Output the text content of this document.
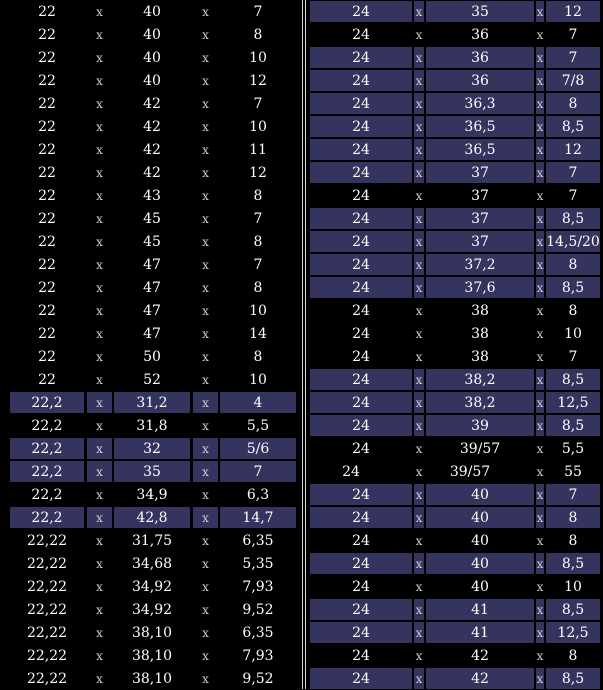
22	x	40	x	7
22	x	40	x	8
22	x	40	x	10
22	x	40	x	12
22	x	42	x	7
22	x	42	x	10
22	x	42	x	11
22	x	42	x	12
22	x	43	x	8
22	x	45	x	7
22	x	45	x	8
22	x	47	x	7
22	x	47	x	8
22	x	47	x	10
22	x	47	x	14
22	x	50	x	8
22	x	52	x	10
22,2	x	31,2	x	4
22,2	x	31,8	x	5,5
22,2	x	32	x	5/6
22,2	x	35	x	7
22,2	x	34,9	x	6,3
22,2	x	42,8	x	14,7
22,22	x	31,75	x	6,35
22,22	x	34,68	x	5,35
22,22	x	34,92	x	7,93
22,22	x	34,92	x	9,52
22,22	x	38,10	x	6,35
22,22	x	38,10	x	7,93
22,22	x	38,10	x	9,52
24	x	35	x	12
24	x	36	x	7
24	x	36	x	7
24	x	36	x	7/8
24	x	36,3	x	8
24	x	36,5	x	8,5
24	x	36,5	x	12
24	x	37	x	7
24	x	37	x	7
24	x	37	x	8,5
24	x	37	x 14,5/20
24	x	37,2	x	8
24	x	37,6	x	8,5
24	x	38	x	8
24	x	38	x	10
24	x	38	x	7
24	x	38,2	x	8,5
24	x	38,2	x	12,5
24	x	39	x	8,5
24	x	39/57	x	5,5
24	x	39/57	x	55
24	x	40	x	7
24	x	40	x	8
24	x	40	x	8
24	x	40	x	8,5
24	x	40	x	10
24	x	41	x	8,5
24	x	41	x	12,5
24	x	42	x	8
24	x	42	x	8,5
